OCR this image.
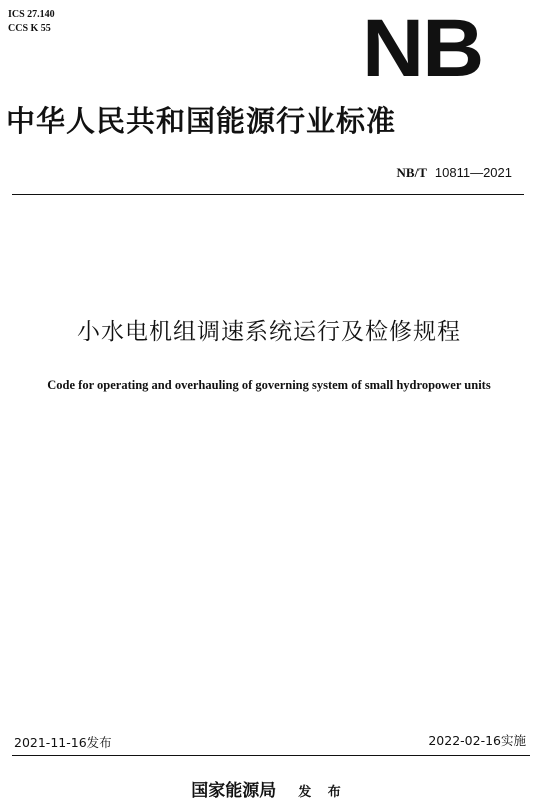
ICS 27.140
CCS K 55	NB
中华人民共和国能源行业标准
NB/T 10811—2021
小水电机组调速系统运行及检修规程
Code for operating and overhauling of governing system of small hydropower units
2021-11-16发布	2022-02-16实施
国家能源局 发 布
